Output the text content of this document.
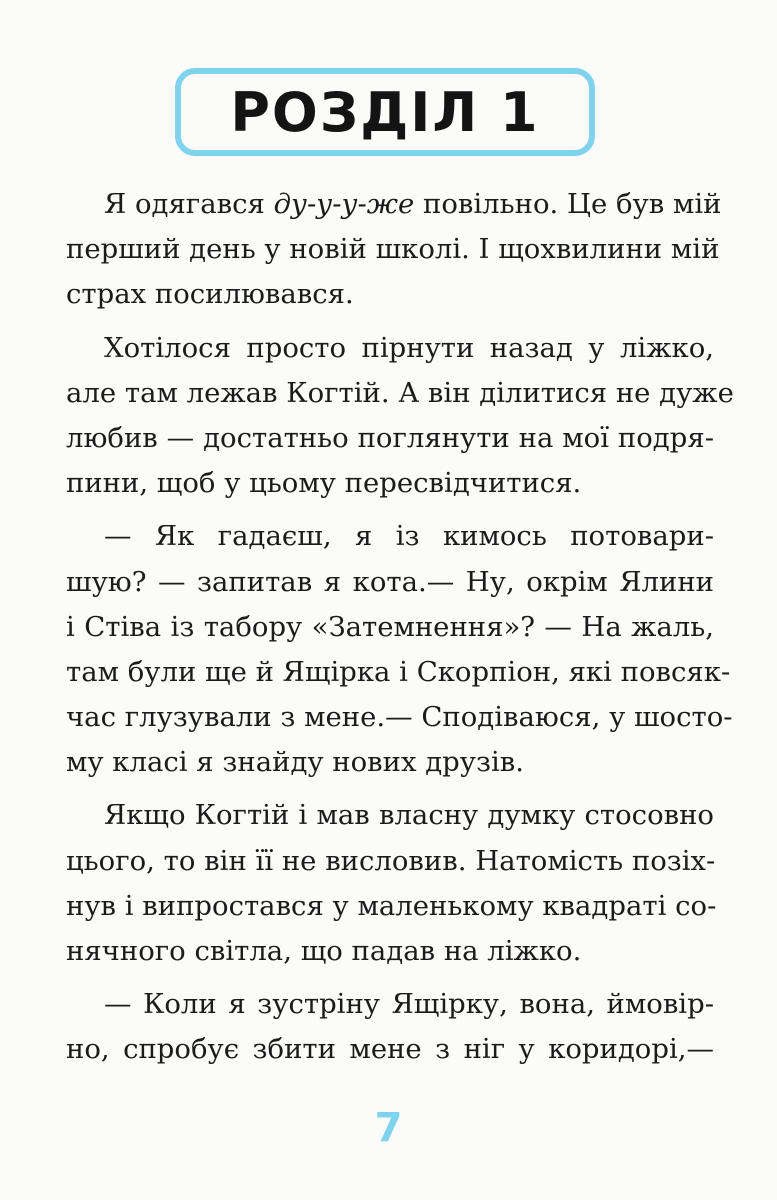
РОЗДІЛ 1
Я одягався ду-у-у-же повільно. Це був мій
перший день у новій школі. І щохвилини мій
страх посилювався.
Хотілося просто пірнути назад у ліжко,
але там лежав Когтій. А він ділитися не дуже
любив — достатньо поглянути на мої подря-
пини, щоб у цьому пересвідчитися.
— Як гадаєш, я із кимось потовари-
шую? — запитав я кота.— Ну, окрім Ялини
і Стіва із табору «Затемнення»? — На жаль,
там були ще й Ящірка і Скорпіон, які повсяк-
час глузували з мене.— Сподіваюся, у шосто-
му класі я знайду нових друзів.
Якщо Когтій і мав власну думку стосовно
цього, то він її не висловив. Натомість позіх-
нув і випростався у маленькому квадраті со-
нячного світла, що падав на ліжко.
— Коли я зустріну Ящірку, вона, ймовір-
но, спробує збити мене з ніг у коридорі,—
7
